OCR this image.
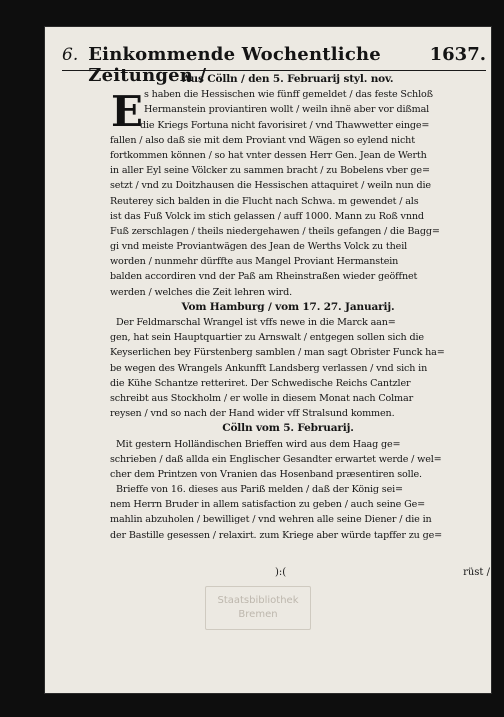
6. Einkommende Wochentliche Zeitungen /
1637.
E
Aus Cölln / den 5. Februarij styl. nov.
s haben die Hessischen wie fünff gemeldet / das feste Schloß
Hermanstein proviantiren wollt / weiln ihnë aber vor dißmal
die Kriegs Fortuna nicht favorisiret / vnd Thawwetter einge=
fallen / also daß sie mit dem Proviant vnd Wägen so eylend nicht
fortkommen können / so hat vnter dessen Herr Gen. Jean de Werth
in aller Eyl seine Völcker zu sammen bracht / zu Bobelens vber ge=
setzt / vnd zu Doitzhausen die Hessischen attaquiret / weiln nun die
Reuterey sich balden in die Flucht nach Schwa. m gewendet / als
ist das Fuß Volck im stich gelassen / auff 1000. Mann zu Roß vnnd
Fuß zerschlagen / theils niedergehawen / theils gefangen / die Bagg=
gi vnd meiste Proviantwägen des Jean de Werths Volck zu theil
worden / nunmehr dürffte aus Mangel Proviant Hermanstein
balden accordiren vnd der Paß am Rheinstraßen wieder geöffnet
werden / welches die Zeit lehren wird.
Vom Hamburg / vom 17. 27. Januarij.
Der Feldmarschal Wrangel ist vffs newe in die Marck aan=
gen, hat sein Hauptquartier zu Arnswalt / entgegen sollen sich die
Keyserlichen bey Fürstenberg samblen / man sagt Obrister Funck ha=
be wegen des Wrangels Ankunfft Landsberg verlassen / vnd sich in
die Kühe Schantze retteriret. Der Schwedische Reichs Cantzler
schreibt aus Stockholm / er wolle in diesem Monat nach Colmar
reysen / vnd so nach der Hand wider vff Stralsund kommen.
Cölln vom 5. Februarij.
Mit gestern Holländischen Brieffen wird aus dem Haag ge=
schrieben / daß allda ein Englischer Gesandter erwartet werde / wel=
cher dem Printzen von Vranien das Hosenband præsentiren solle.
Brieffe von 16. dieses aus Pariß melden / daß der König sei=
nem Herrn Bruder in allem satisfaction zu geben / auch seine Ge=
mahlin abzuholen / bewilliget / vnd wehren alle seine Diener / die in
der Bastille gesessen / relaxirt. zum Kriege aber würde tapffer zu ge=
):(	rüst /
Staatsbibliothek
Bremen
